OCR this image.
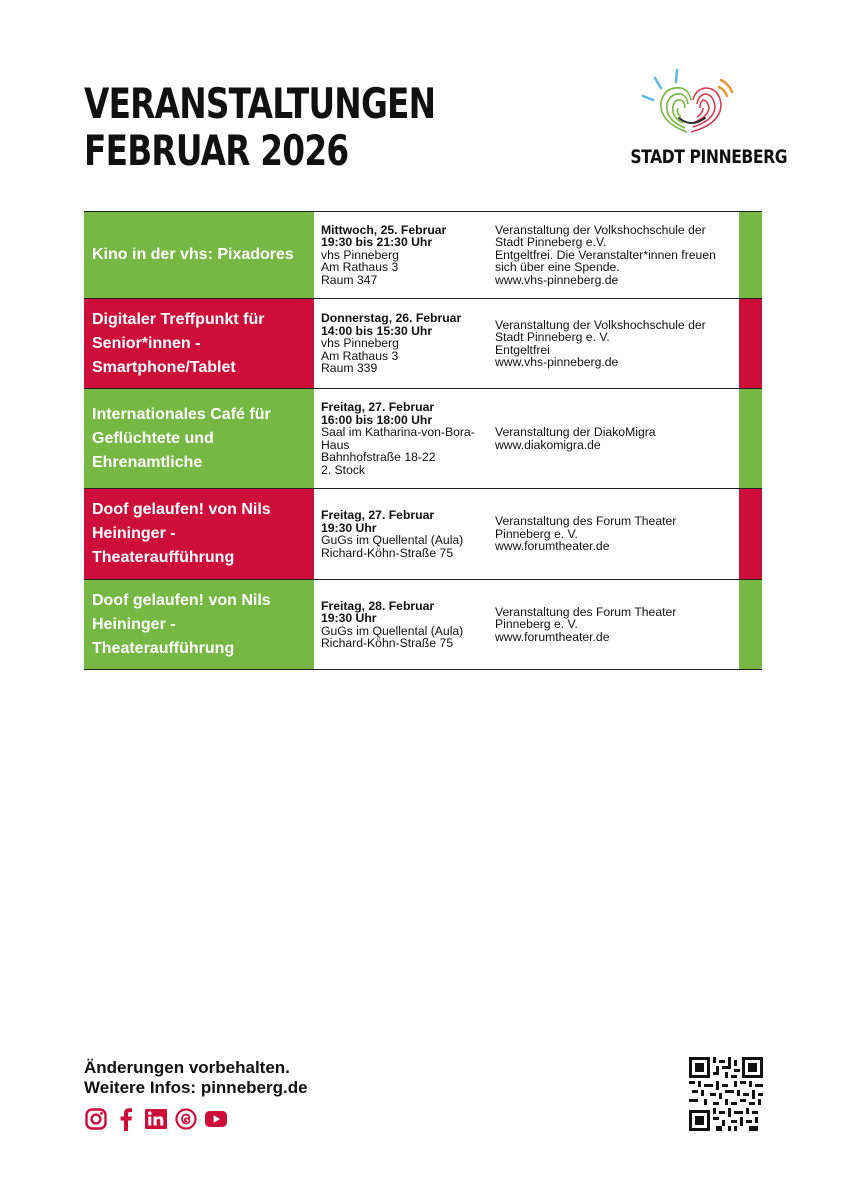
VERANSTALTUNGEN
FEBRUAR 2026	STADT PINNEBERG
Kino in der vhs: Pixadores
Mittwoch, 25. Februar
19:30 bis 21:30 Uhr
vhs Pinneberg
Am Rathaus 3
Raum 347
Veranstaltung der Volkshochschule der Stadt Pinneberg e.V.
Entgeltfrei. Die Veranstalter*innen freuen sich über eine Spende.
www.vhs-pinneberg.de
Digitaler Treffpunkt für Senior*innen - Smartphone/Tablet
Donnerstag, 26. Februar
14:00 bis 15:30 Uhr
vhs Pinneberg
Am Rathaus 3
Raum 339
Veranstaltung der Volkshochschule der Stadt Pinneberg e. V.
Entgeltfrei
www.vhs-pinneberg.de
Internationales Café für Geflüchtete und Ehrenamtliche
Freitag, 27. Februar
16:00 bis 18:00 Uhr
Saal im Katharina-von-Bora-Haus
Bahnhofstraße 18-22
2. Stock
Veranstaltung der DiakoMigra
www.diakomigra.de
Doof gelaufen! von Nils Heininger - Theateraufführung
Freitag, 27. Februar
19:30 Uhr
GuGs im Quellental (Aula)
Richard-Köhn-Straße 75
Veranstaltung des Forum Theater Pinneberg e. V.
www.forumtheater.de
Doof gelaufen! von Nils Heininger - Theateraufführung
Freitag, 28. Februar
19:30 Uhr
GuGs im Quellental (Aula)
Richard-Köhn-Straße 75
Veranstaltung des Forum Theater Pinneberg e. V.
www.forumtheater.de
Änderungen vorbehalten.
Weitere Infos: pinneberg.de
